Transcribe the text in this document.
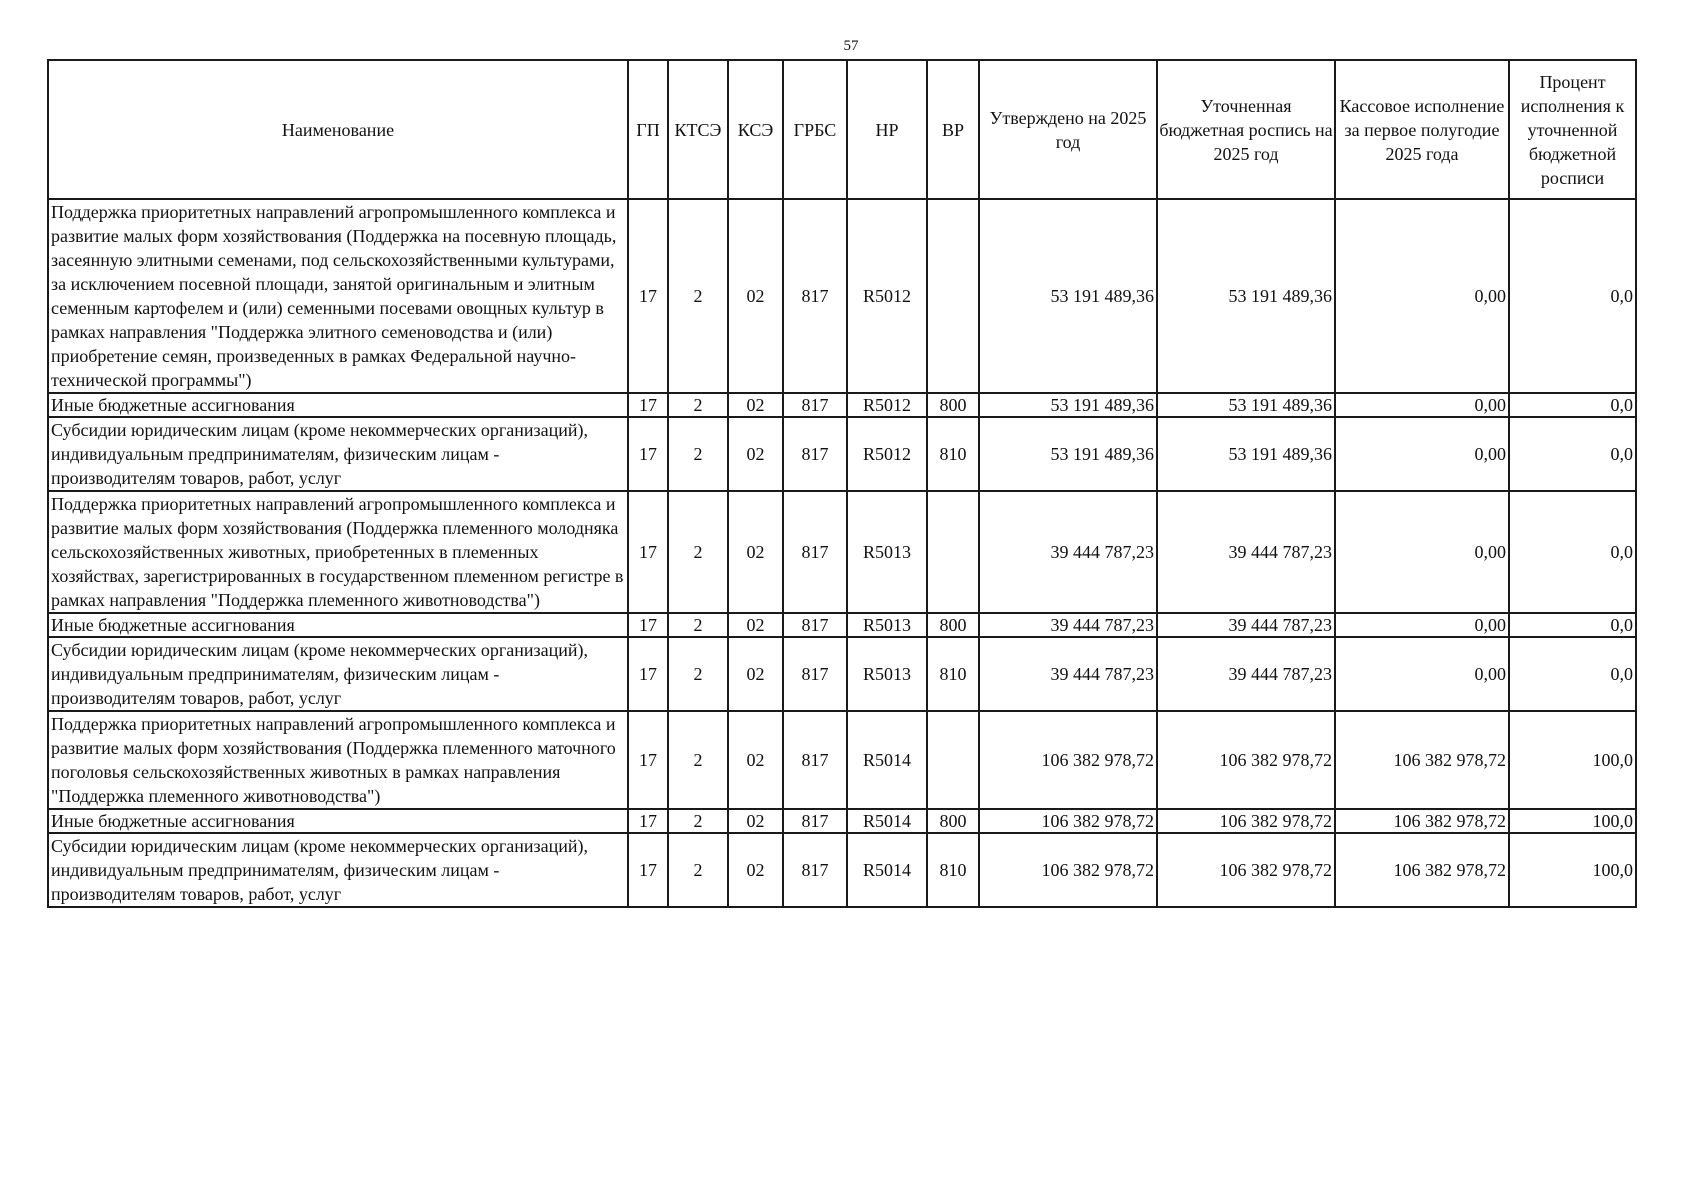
57
Наименование	ГП	КТСЭ	КСЭ	ГРБС	НР	ВР	Утверждено на 2025 год	Уточненная бюджетная роспись на 2025 год	Кассовое исполнение за первое полугодие 2025 года	Процент исполнения к уточненной бюджетной росписи
Поддержка приоритетных направлений агропромышленного комплекса и развитие малых форм хозяйствования (Поддержка на посевную площадь, засеянную элитными семенами, под сельскохозяйственными культурами, за исключением посевной площади, занятой оригинальным и элитным семенным картофелем и (или) семенными посевами овощных культур в рамках направления "Поддержка элитного семеноводства и (или) приобретение семян, произведенных в рамках Федеральной научно-технической программы")	17	2	02	817	R5012		53 191 489,36	53 191 489,36	0,00	0,0
Иные бюджетные ассигнования	17	2	02	817	R5012	800	53 191 489,36	53 191 489,36	0,00	0,0
Субсидии юридическим лицам (кроме некоммерческих организаций), индивидуальным предпринимателям, физическим лицам - производителям товаров, работ, услуг	17	2	02	817	R5012	810	53 191 489,36	53 191 489,36	0,00	0,0
Поддержка приоритетных направлений агропромышленного комплекса и развитие малых форм хозяйствования (Поддержка племенного молодняка сельскохозяйственных животных, приобретенных в племенных хозяйствах, зарегистрированных в государственном племенном регистре в рамках направления "Поддержка племенного животноводства")	17	2	02	817	R5013		39 444 787,23	39 444 787,23	0,00	0,0
Иные бюджетные ассигнования	17	2	02	817	R5013	800	39 444 787,23	39 444 787,23	0,00	0,0
Субсидии юридическим лицам (кроме некоммерческих организаций), индивидуальным предпринимателям, физическим лицам - производителям товаров, работ, услуг	17	2	02	817	R5013	810	39 444 787,23	39 444 787,23	0,00	0,0
Поддержка приоритетных направлений агропромышленного комплекса и развитие малых форм хозяйствования (Поддержка племенного маточного поголовья сельскохозяйственных животных в рамках направления "Поддержка племенного животноводства")	17	2	02	817	R5014		106 382 978,72	106 382 978,72	106 382 978,72	100,0
Иные бюджетные ассигнования	17	2	02	817	R5014	800	106 382 978,72	106 382 978,72	106 382 978,72	100,0
Субсидии юридическим лицам (кроме некоммерческих организаций), индивидуальным предпринимателям, физическим лицам - производителям товаров, работ, услуг	17	2	02	817	R5014	810	106 382 978,72	106 382 978,72	106 382 978,72	100,0
